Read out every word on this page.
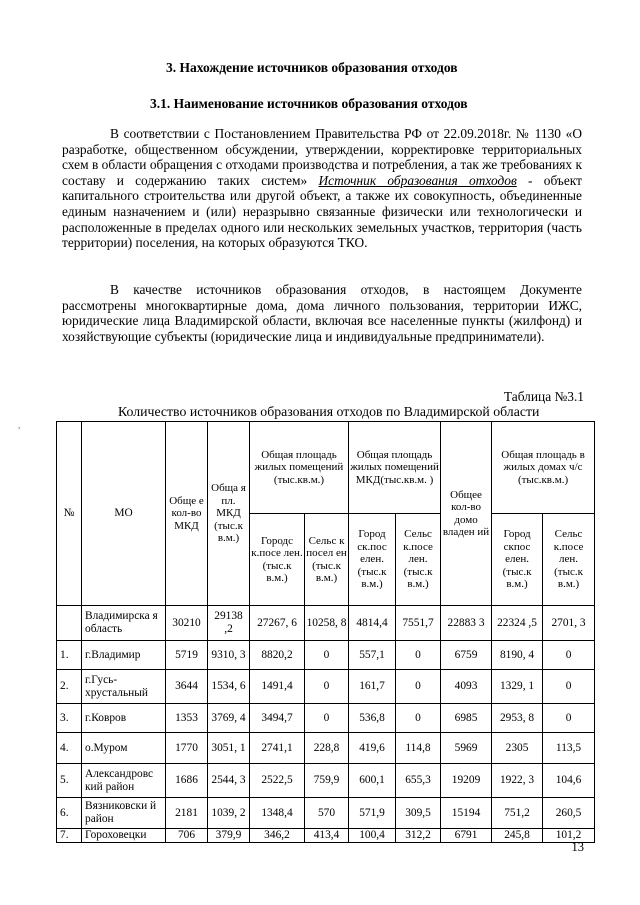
3. Нахождение источников образования отходов
3.1. Наименование источников образования отходов

В соответствии с Постановлением Правительства РФ от 22.09.2018г. № 1130 «О разработке, общественном обсуждении, утверждении, корректировке территориальных схем в области обращения с отходами производства и потребления, а так же требованиях к составу и содержанию таких систем» Источник образования отходов - объект капитального строительства или другой объект, а также их совокупность, объединенные единым назначением и (или) неразрывно связанные физически или технологически и расположенные в пределах одного или нескольких земельных участков, территория (часть территории) поселения, на которых образуются ТКО.

В качестве источников образования отходов, в настоящем Документе рассмотрены многоквартирные дома, дома личного пользования, территории ИЖС, юридические лица Владимирской области, включая все населенные пункты (жилфонд) и хозяйствующие субъекты (юридические лица и индивидуальные предприниматели).

Таблица №3.1
Количество источников образования отходов по Владимирской области
№	МО	Обще е кол-во МКД	Обща я пл. МКД (тыс.к в.м.)	Общая площадь жилых помещений (тыс.кв.м.)		Общая площадь жилых помещений МКД(тыс.кв.м. )		Общее кол-во домо владен ий	Общая площадь в жилых домах ч/с (тыс.кв.м.)	
				Городс к.посе лен. (тыс.к в.м.)	Сельс к посел ен (тыс.к в.м.)	Город ск.пос елен. (тыс.к в.м.)	Сельс к.посе лен. (тыс.к в.м.)		Город скпос елен. (тыс.к в.м.)	Сельс к.посе лен. (тыс.к в.м.)
	Владимирска я область	30210	29138 ,2	27267, 6	10258, 8	4814,4	7551,7	22883 3	22324 ,5	2701, 3
1.	г.Владимир	5719	9310, 3	8820,2	0	557,1	0	6759	8190, 4	0
2.	г.Гусь-хрустальный	3644	1534, 6	1491,4	0	161,7	0	4093	1329, 1	0
3.	г.Ковров	1353	3769, 4	3494,7	0	536,8	0	6985	2953, 8	0
4.	о.Муром	1770	3051, 1	2741,1	228,8	419,6	114,8	5969	2305	113,5
5.	Александровс кий район	1686	2544, 3	2522,5	759,9	600,1	655,3	19209	1922, 3	104,6
6.	Вязниковски й район	2181	1039, 2	1348,4	570	571,9	309,5	15194	751,2	260,5
7.	Гороховецки	706	379,9	346,2	413,4	100,4	312,2	6791	245,8	101,2
,
13
